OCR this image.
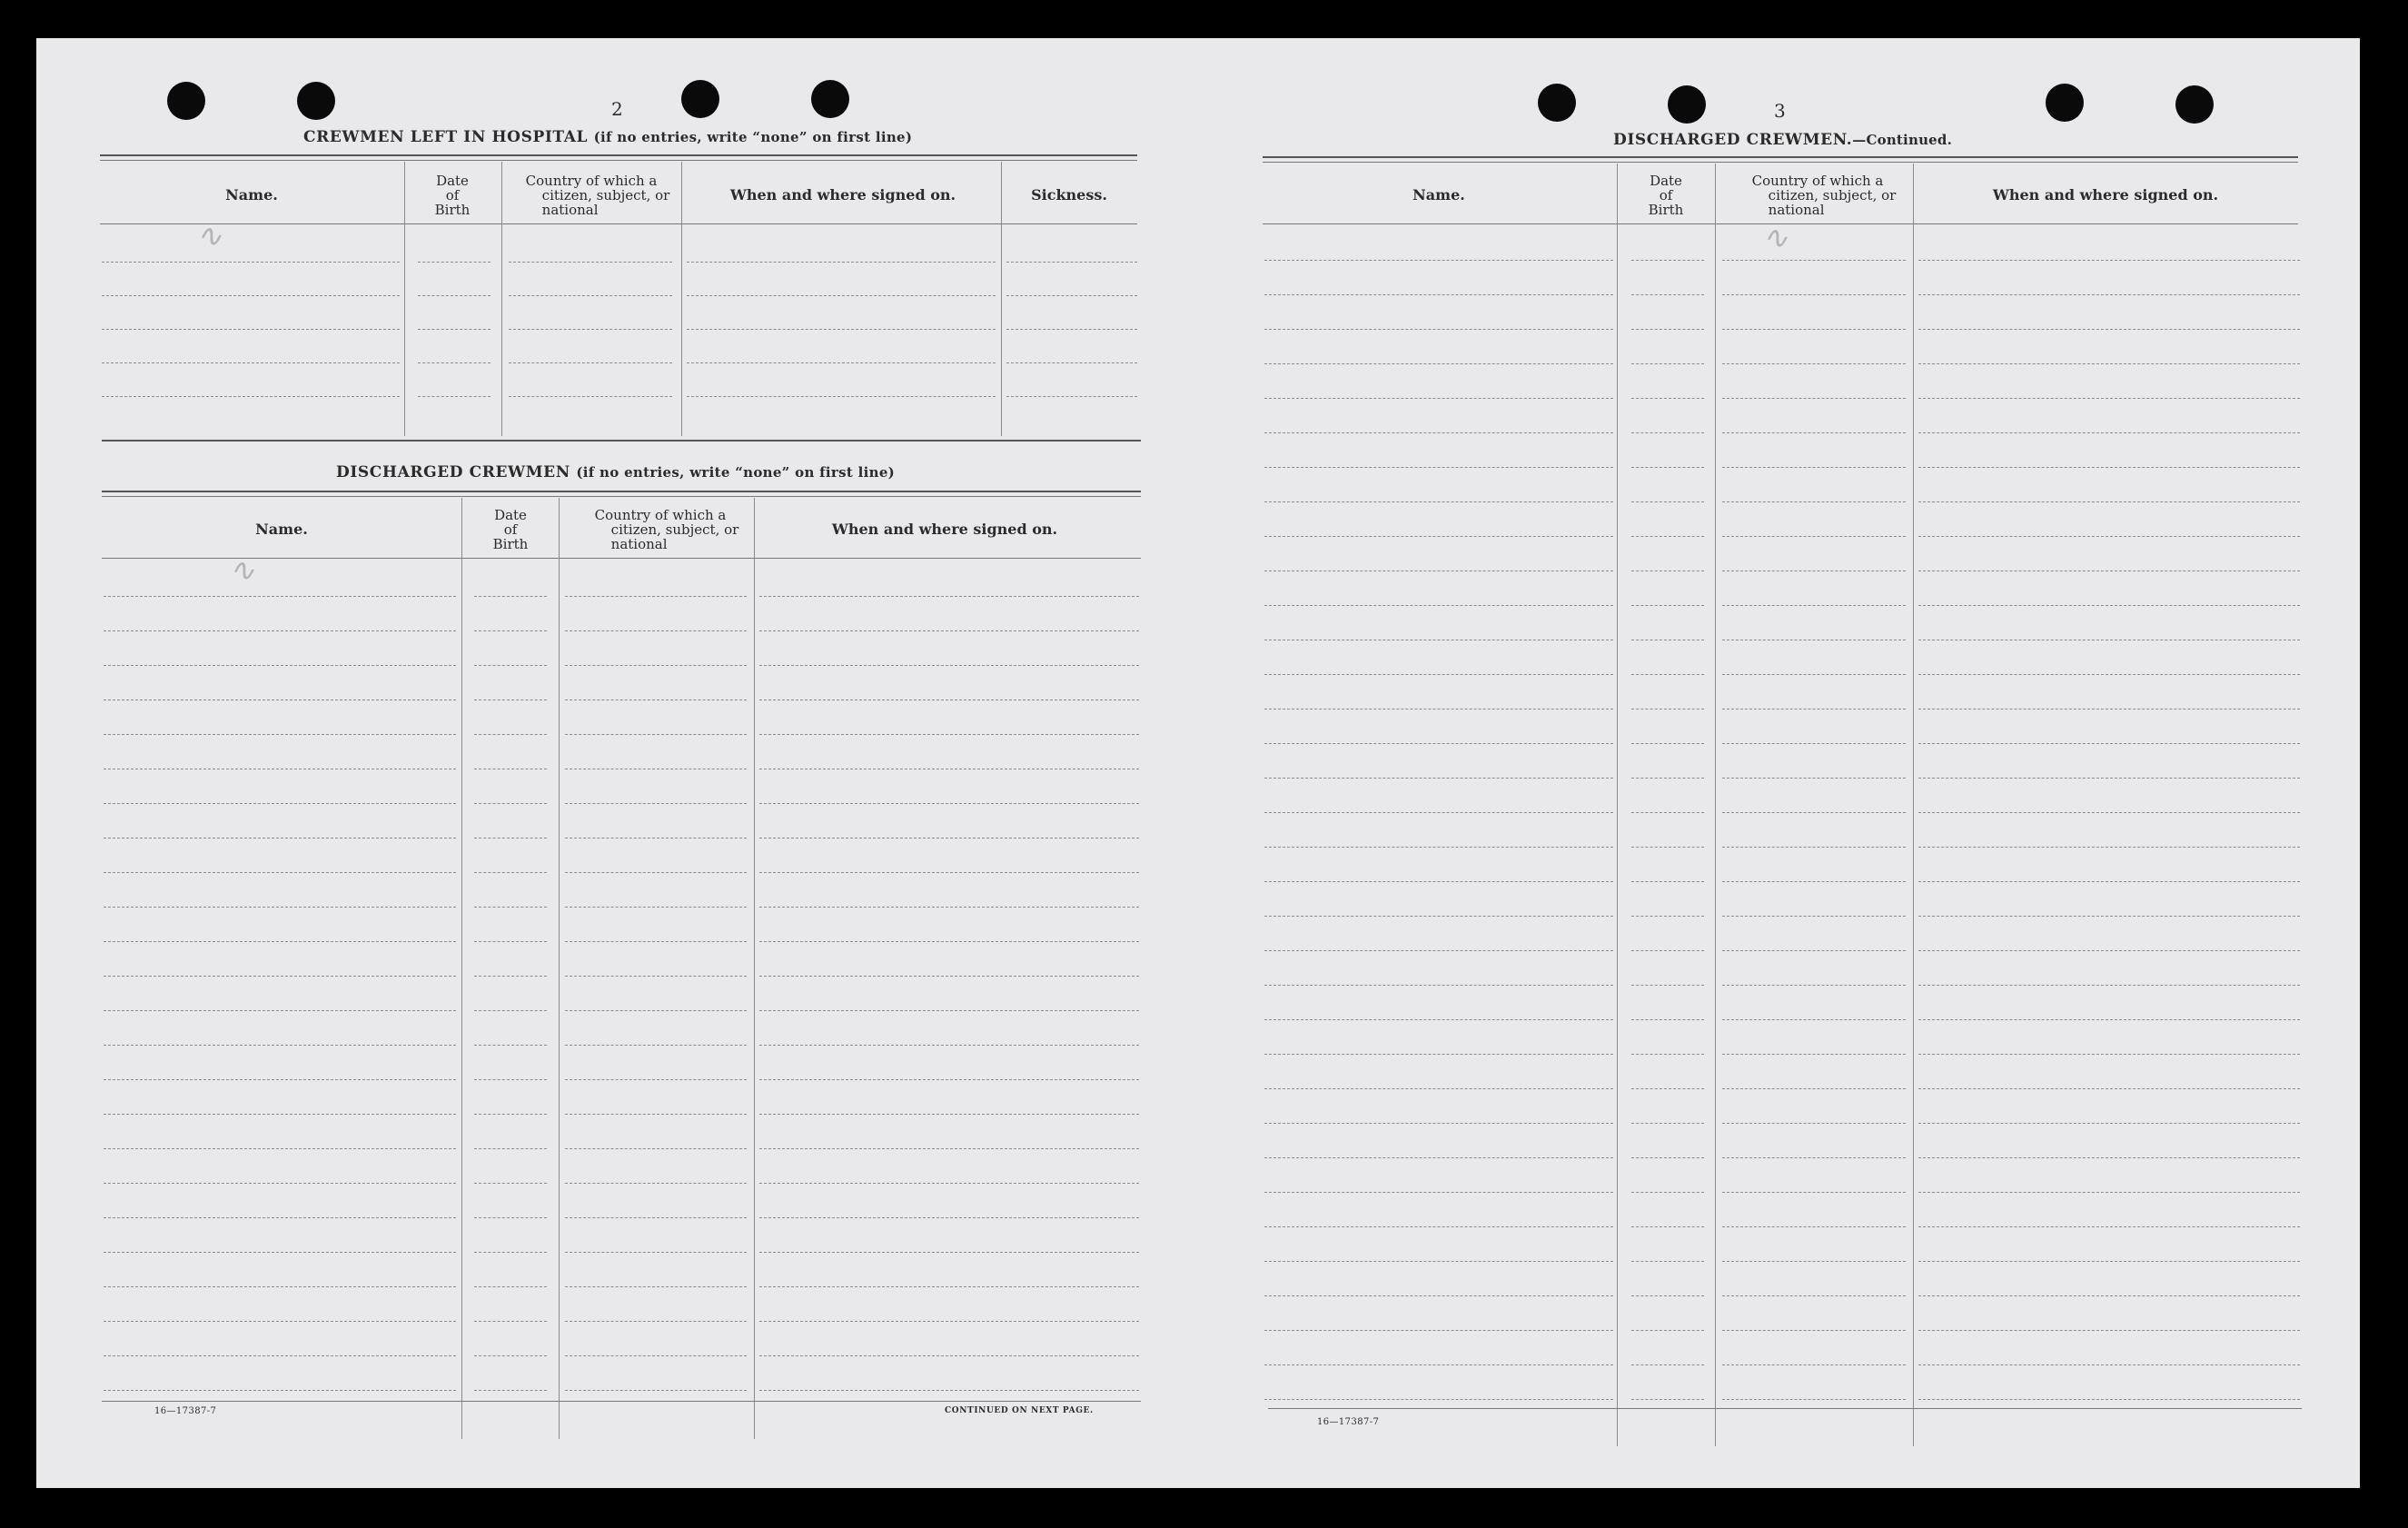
2
CREWMEN LEFT IN HOSPITAL (if no entries, write “none” on first line)
Name.
Date
of
Birth
Country of which a
citizen, subject, or
national
When and where signed on.	Sickness.
∿
DISCHARGED CREWMEN (if no entries, write “none” on first line)
Name.
Date
of
Birth
Country of which a
citizen, subject, or
national
When and where signed on.
∿
16—17387-7	CONTINUED ON NEXT PAGE.
3
DISCHARGED CREWMEN.—Continued.
Name.
Date
of
Birth
Country of which a
citizen, subject, or
national
When and where signed on.
∿
16—17387-7
